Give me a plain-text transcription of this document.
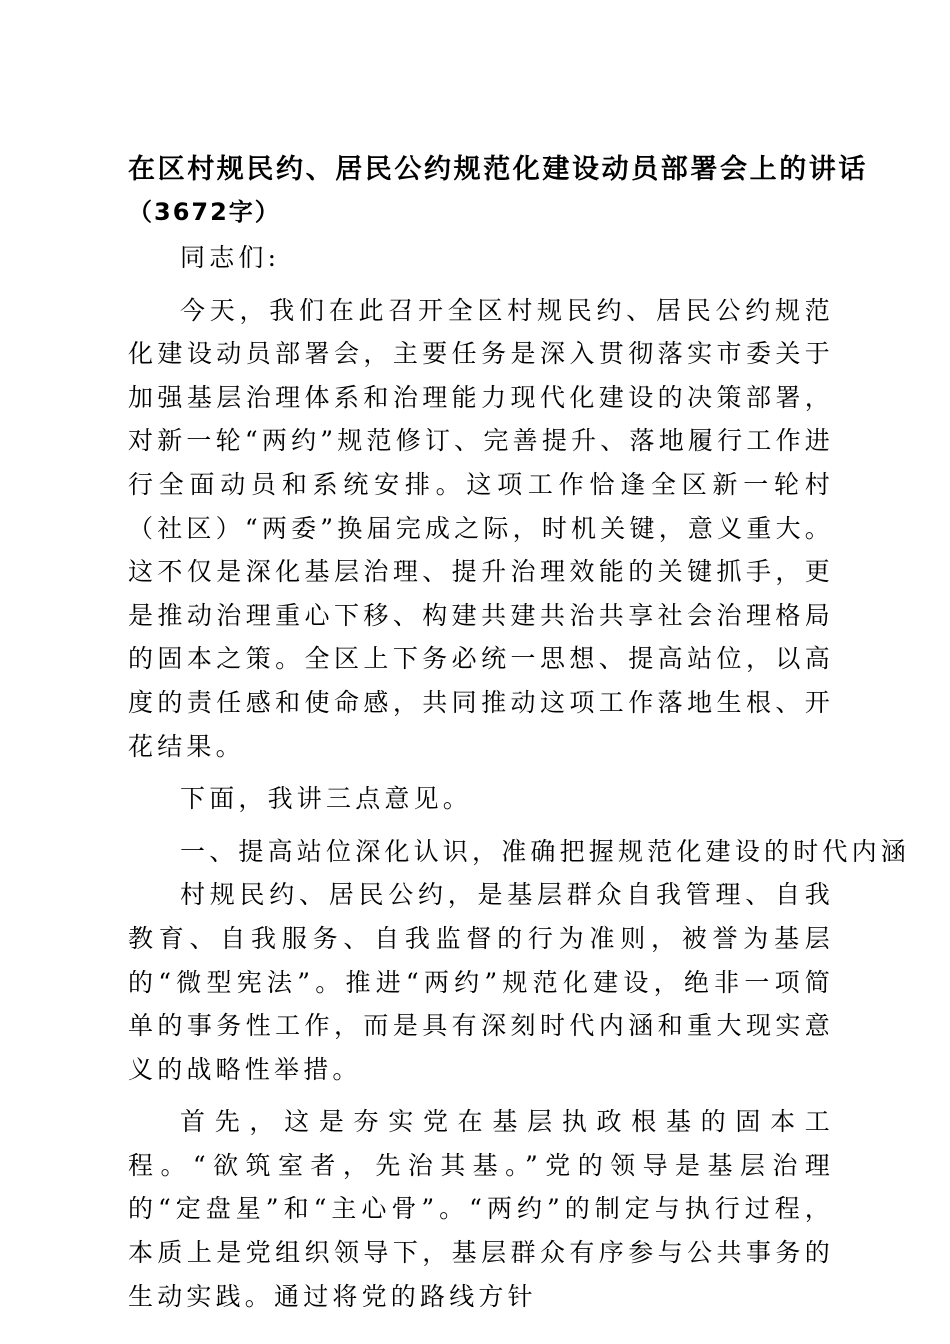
在区村规民约、居民公约规范化建设动员部署会上的讲话
（3672字）

同志们:

今天，我们在此召开全区村规民约、居民公约规范化建设动员部署会，主要任务是深入贯彻落实市委关于加强基层治理体系和治理能力现代化建设的决策部署，对新一轮“两约”规范修订、完善提升、落地履行工作进行全面动员和系统安排。这项工作恰逢全区新一轮村（社区）“两委”换届完成之际，时机关键，意义重大。这不仅是深化基层治理、提升治理效能的关键抓手，更是推动治理重心下移、构建共建共治共享社会治理格局的固本之策。全区上下务必统一思想、提高站位，以高度的责任感和使命感，共同推动这项工作落地生根、开花结果。

下面，我讲三点意见。

一、提高站位深化认识，准确把握规范化建设的时代内涵

村规民约、居民公约，是基层群众自我管理、自我教育、自我服务、自我监督的行为准则，被誉为基层的“微型宪法”。推进“两约”规范化建设，绝非一项简单的事务性工作，而是具有深刻时代内涵和重大现实意义的战略性举措。

首先，这是夯实党在基层执政根基的固本工程。“欲筑室者，先治其基。”党的领导是基层治理的“定盘星”和“主心骨”。“两约”的制定与执行过程，本质上是党组织领导下，基层群众有序参与公共事务的生动实践。通过将党的路线方针
